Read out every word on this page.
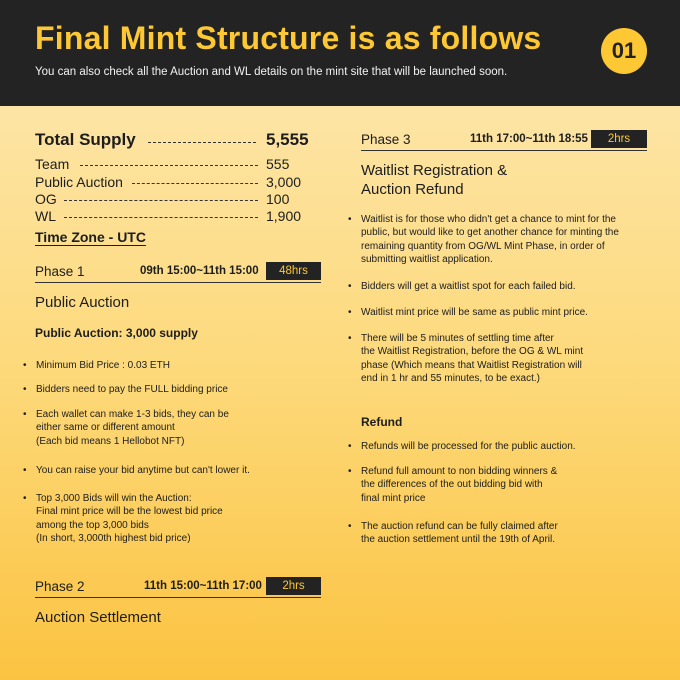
Final Mint Structure is as follows
You can also check all the Auction and WL details on the mint site that will be launched soon.
01
Total Supply	5,555
Team	555
Public Auction	3,000
OG	100
WL	1,900
Time Zone - UTC
Phase 1	09th 15:00~11th 15:00	48hrs
Public Auction
Public Auction: 3,000 supply
• Minimum Bid Price : 0.03 ETH
• Bidders need to pay the FULL bidding price
• Each wallet can make 1-3 bids, they can be
either same or different amount
(Each bid means 1 Hellobot NFT)
• You can raise your bid anytime but can't lower it.
• Top 3,000 Bids will win the Auction:
Final mint price will be the lowest bid price
among the top 3,000 bids
(In short, 3,000th highest bid price)
Phase 2	11th 15:00~11th 17:00	2hrs
Auction Settlement
Phase 3	11th 17:00~11th 18:55	2hrs
Waitlist Registration &
Auction Refund
• Waitlist is for those who didn't get a chance to mint for the
public, but would like to get another chance for minting the
remaining quantity from OG/WL Mint Phase, in order of
submitting waitlist application.
• Bidders will get a waitlist spot for each failed bid.
• Waitlist mint price will be same as public mint price.
• There will be 5 minutes of settling time after
the Waitlist Registration, before the OG & WL mint
phase (Which means that Waitlist Registration will
end in 1 hr and 55 minutes, to be exact.)
Refund
• Refunds will be processed for the public auction.
• Refund full amount to non bidding winners &
the differences of the out bidding bid with
final mint price
• The auction refund can be fully claimed after
the auction settlement until the 19th of April.
